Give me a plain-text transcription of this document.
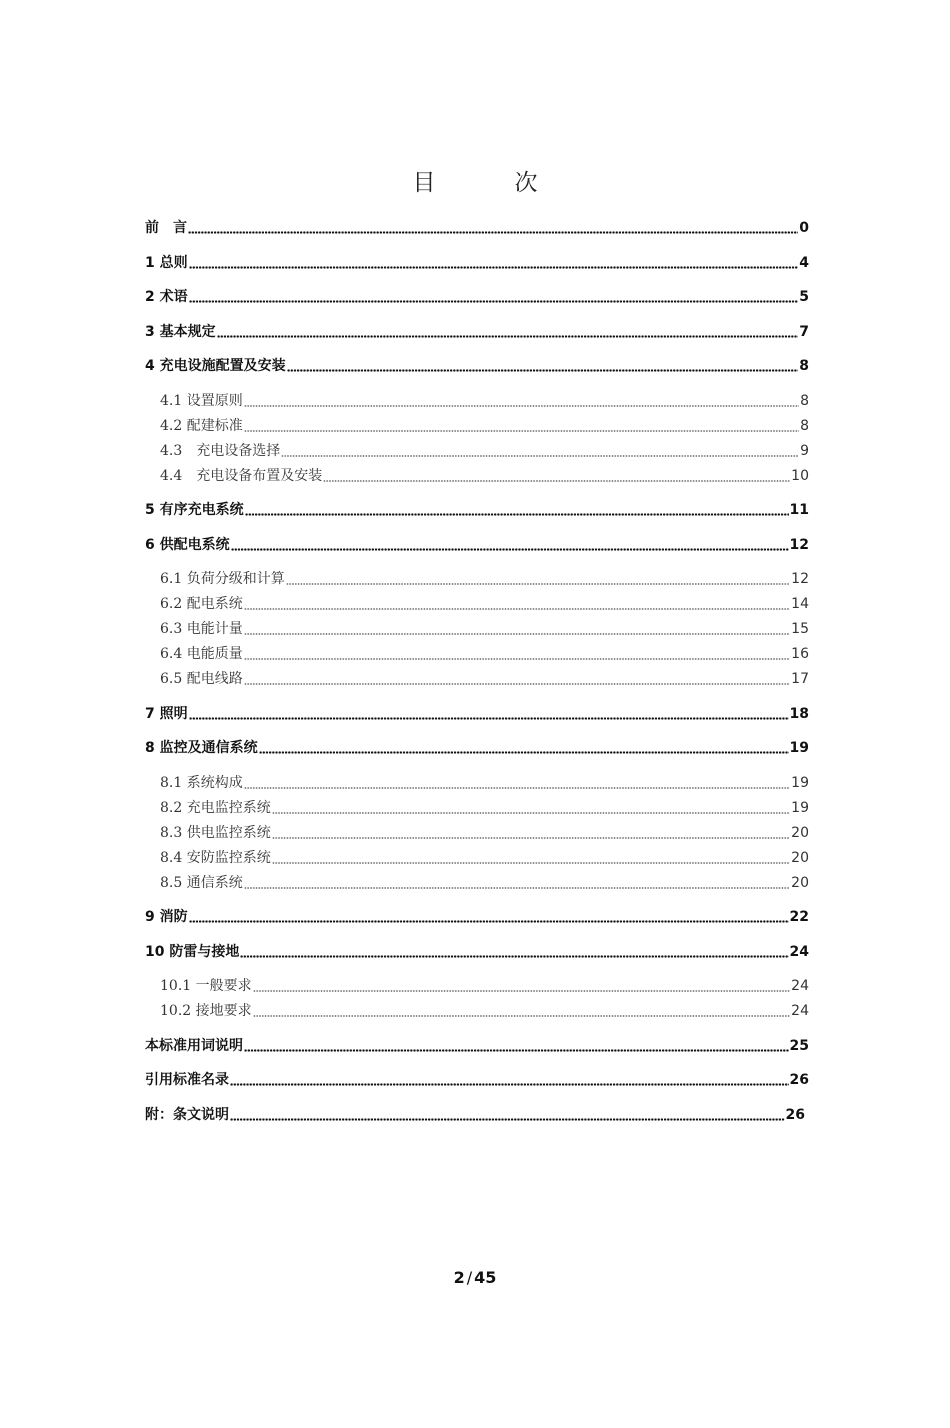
目　次
前　言	0
1 总则	4
2 术语	5
3 基本规定	7
4 充电设施配置及安装	8
4.1 设置原则	8
4.2 配建标准	8
4.3　充电设备选择	9
4.4　充电设备布置及安装	10
5 有序充电系统	11
6 供配电系统	12
6.1 负荷分级和计算	12
6.2 配电系统	14
6.3 电能计量	15
6.4 电能质量	16
6.5 配电线路	17
7 照明	18
8 监控及通信系统	19
8.1 系统构成	19
8.2 充电监控系统	19
8.3 供电监控系统	20
8.4 安防监控系统	20
8.5 通信系统	20
9 消防	22
10 防雷与接地	24
10.1 一般要求	24
10.2 接地要求	24
本标准用词说明	25
引用标准名录	26
附：条文说明	26
2 / 45
